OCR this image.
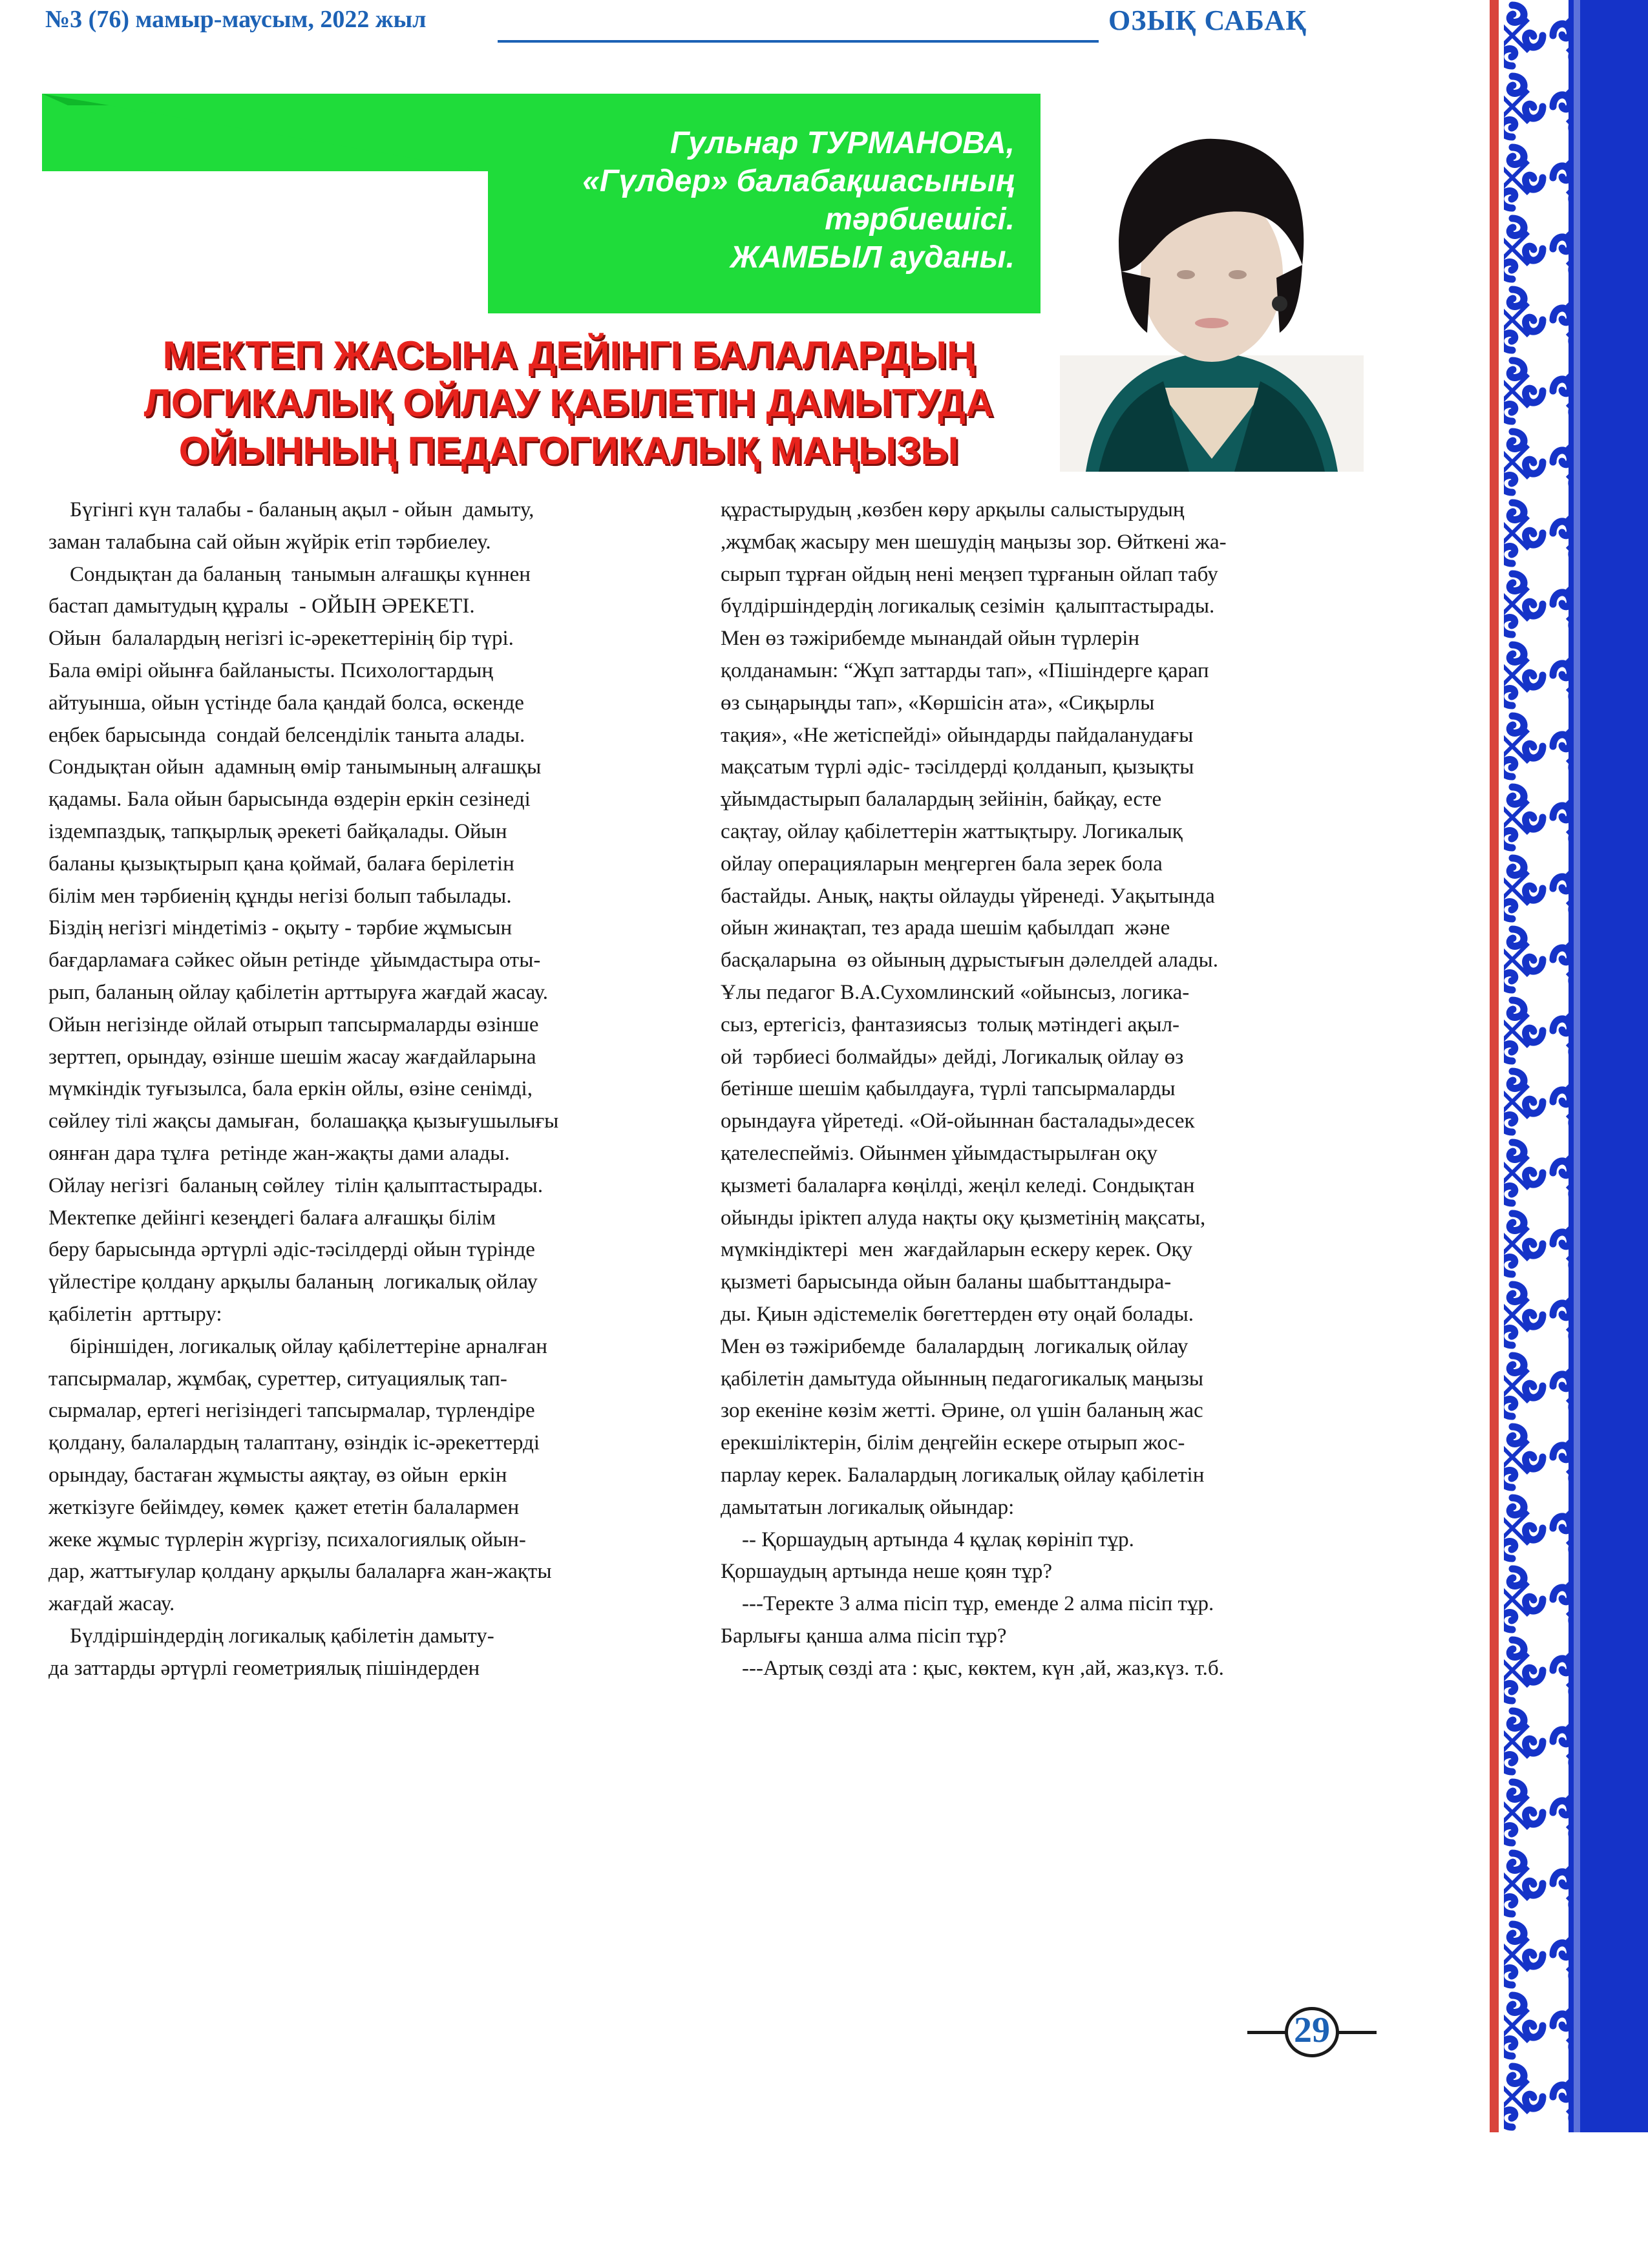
№3 (76) мамыр-маусым, 2022 жыл	ОЗЫҚ САБАҚ
Гульнар ТУРМАНОВА,
«Гүлдер» балабақшасының
тәрбиешісі.
ЖАМБЫЛ ауданы.
МЕКТЕП ЖАСЫНА ДЕЙІНГІ БАЛАЛАРДЫҢ
ЛОГИКАЛЫҚ ОЙЛАУ ҚАБІЛЕТІН ДАМЫТУДА
ОЙЫННЫҢ ПЕДАГОГИКАЛЫҚ МАҢЫЗЫ
Бүгінгі күн талабы - баланың ақыл - ойын  дамыту,
заман талабына сай ойын жүйрік етіп тәрбиелеу.
Сондықтан да баланың  танымын алғашқы күннен
бастап дамытудың құралы  - ОЙЫН ӘРЕКЕТІ.
Ойын  балалардың негізгі іс-әрекеттерінің бір түрі.
Бала өмірі ойынға байланысты. Психологтардың
айтуынша, ойын үстінде бала қандай болса, өскенде
еңбек барысында  сондай белсенділік таныта алады.
Сондықтан ойын  адамның өмір танымының алғашқы
қадамы. Бала ойын барысында өздерін еркін сезінеді
іздемпаздық, тапқырлық әрекеті байқалады. Ойын
баланы қызықтырып қана қоймай, балаға берілетін
білім мен тәрбиенің құнды негізі болып табылады.
Біздің негізгі міндетіміз - оқыту - тәрбие жұмысын
бағдарламаға сәйкес ойын ретінде  ұйымдастыра оты-
рып, баланың ойлау қабілетін арттыруға жағдай жасау.
Ойын негізінде ойлай отырып тапсырмаларды өзінше
зерттеп, орындау, өзінше шешім жасау жағдайларына
мүмкіндік туғызылса, бала еркін ойлы, өзіне сенімді,
сөйлеу тілі жақсы дамыған,  болашаққа қызығушылығы
оянған дара тұлға  ретінде жан-жақты дами алады.
Ойлау негізгі  баланың сөйлеу  тілін қалыптастырады.
Мектепке дейінгі кезеңдегі балаға алғашқы білім
беру барысында әртүрлі әдіс-тәсілдерді ойын түрінде
үйлестіре қолдану арқылы баланың  логикалық ойлау
қабілетін  арттыру:
біріншіден, логикалық ойлау қабілеттеріне арналған
тапсырмалар, жұмбақ, суреттер, ситуациялық тап-
сырмалар, ертегі негізіндегі тапсырмалар, түрлендіре
қолдану, балалардың талаптану, өзіндік іс-әрекеттерді
орындау, бастаған жұмысты аяқтау, өз ойын  еркін
жеткізуге бейімдеу, көмек  қажет ететін балалармен
жеке жұмыс түрлерін жүргізу, психалогиялық ойын-
дар, жаттығулар қолдану арқылы балаларға жан-жақты
жағдай жасау.
Бүлдіршіндердің логикалық қабілетін дамыту-
да заттарды әртүрлі геометриялық пішіндерден
құрастырудың ,көзбен көру арқылы салыстырудың
,жұмбақ жасыру мен шешудің маңызы зор. Өйткені жа-
сырып тұрған ойдың нені меңзеп тұрғанын ойлап табу
бүлдіршіндердің логикалық сезімін  қалыптастырады.
Мен өз тәжірибемде мынандай ойын түрлерін
қолданамын: “Жұп заттарды тап», «Пішіндерге қарап
өз сыңарыңды тап», «Көршісін ата», «Сиқырлы
тақия», «Не жетіспейді» ойындарды пайдаланудағы
мақсатым түрлі әдіс- тәсілдерді қолданып, қызықты
ұйымдастырып балалардың зейінін, байқау, есте
сақтау, ойлау қабілеттерін жаттықтыру. Логикалық
ойлау операцияларын меңгерген бала зерек бола
бастайды. Анық, нақты ойлауды үйренеді. Уақытында
ойын жинақтап, тез арада шешім қабылдап  және
басқаларына  өз ойының дұрыстығын дәлелдей алады.
Ұлы педагог В.А.Сухомлинский «ойынсыз, логика-
сыз, ертегісіз, фантазиясыз  толық мәтіндегі ақыл-
ой  тәрбиесі болмайды» дейді, Логикалық ойлау өз
бетінше шешім қабылдауға, түрлі тапсырмаларды
орындауға үйретеді. «Ой-ойыннан басталады»десек
қателеспейміз. Ойынмен ұйымдастырылған оқу
қызметі балаларға көңілді, жеңіл келеді. Сондықтан
ойынды іріктеп алуда нақты оқу қызметінің мақсаты,
мүмкіндіктері  мен  жағдайларын ескеру керек. Оқу
қызметі барысында ойын баланы шабыттандыра-
ды. Қиын әдістемелік бөгеттерден өту оңай болады.
Мен өз тәжірибемде  балалардың  логикалық ойлау
қабілетін дамытуда ойынның педагогикалық маңызы
зор екеніне көзім жетті. Әрине, ол үшін баланың жас
ерекшіліктерін, білім деңгейін ескере отырып жос-
парлау керек. Балалардың логикалық ойлау қабілетін
дамытатын логикалық ойындар:
-- Қоршаудың артында 4 құлақ көрініп тұр.
Қоршаудың артында неше қоян тұр?
---Теректе 3 алма пісіп тұр, еменде 2 алма пісіп тұр.
Барлығы қанша алма пісіп тұр?
---Артық сөзді ата : қыс, көктем, күн ,ай, жаз,күз. т.б.
29
